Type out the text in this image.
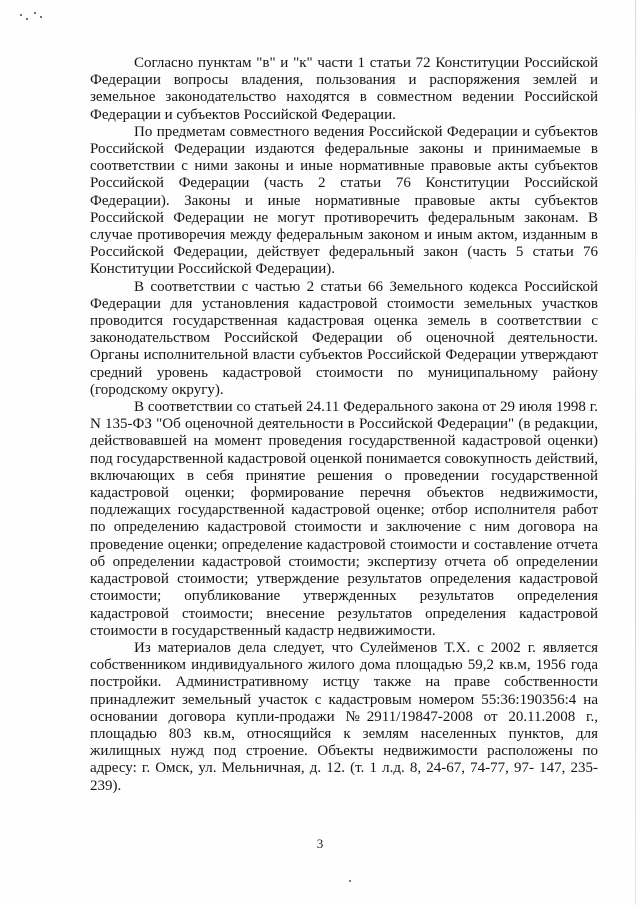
Согласно пунктам "в" и "к" части 1 статьи 72 Конституции Российской Федерации вопросы владения, пользования и распоряжения землей и земельное законодательство находятся в совместном ведении Российской Федерации и субъектов Российской Федерации.

По предметам совместного ведения Российской Федерации и субъектов Российской Федерации издаются федеральные законы и принимаемые в соответствии с ними законы и иные нормативные правовые акты субъектов Российской Федерации (часть 2 статьи 76 Конституции Российской Федерации). Законы и иные нормативные правовые акты субъектов Российской Федерации не могут противоречить федеральным законам. В случае противоречия между федеральным законом и иным актом, изданным в Российской Федерации, действует федеральный закон (часть 5 статьи 76 Конституции Российской Федерации).

В соответствии с частью 2 статьи 66 Земельного кодекса Российской Федерации для установления кадастровой стоимости земельных участков проводится государственная кадастровая оценка земель в соответствии с законодательством Российской Федерации об оценочной деятельности. Органы исполнительной власти субъектов Российской Федерации утверждают средний уровень кадастровой стоимости по муниципальному району (городскому округу).

В соответствии со статьей 24.11 Федерального закона от 29 июля 1998 г. N 135-ФЗ "Об оценочной деятельности в Российской Федерации" (в редакции, действовавшей на момент проведения государственной кадастровой оценки) под государственной кадастровой оценкой понимается совокупность действий, включающих в себя принятие решения о проведении государственной кадастровой оценки; формирование перечня объектов недвижимости, подлежащих государственной кадастровой оценке; отбор исполнителя работ по определению кадастровой стоимости и заключение с ним договора на проведение оценки; определение кадастровой стоимости и составление отчета об определении кадастровой стоимости; экспертизу отчета об определении кадастровой стоимости; утверждение результатов определения кадастровой стоимости; опубликование утвержденных результатов определения кадастровой стоимости; внесение результатов определения кадастровой стоимости в государственный кадастр недвижимости.

Из материалов дела следует, что Сулейменов Т.Х. с 2002 г. является собственником индивидуального жилого дома площадью 59,2 кв.м, 1956 года постройки. Административному истцу также на праве собственности принадлежит земельный участок с кадастровым номером 55:36:190356:4 на основании договора купли-продажи №2911/19847-2008 от 20.11.2008 г., площадью 803 кв.м, относящийся к землям населенных пунктов, для жилищных нужд под строение. Объекты недвижимости расположены по адресу: г. Омск, ул. Мельничная, д. 12. (т. 1 л.д. 8, 24-67, 74-77, 97- 147, 235-239).

3
